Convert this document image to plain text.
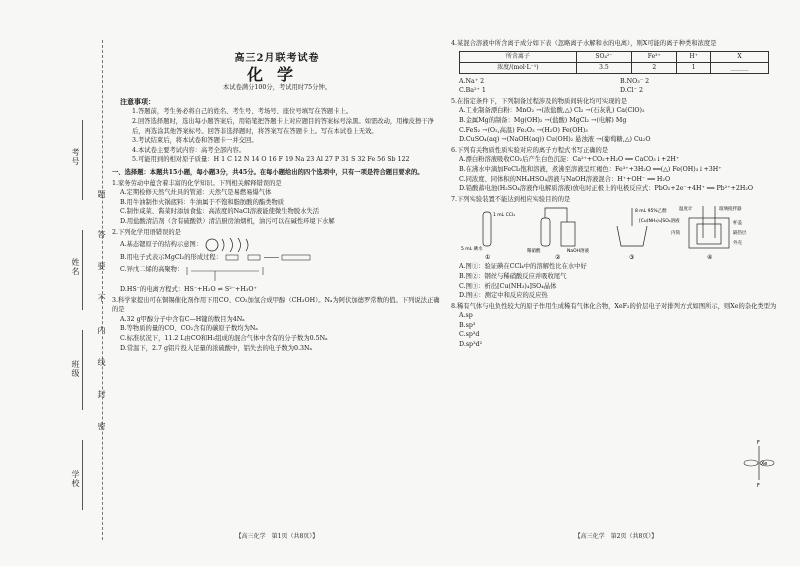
考号
姓名
班级
学校
题
答
要
不
内
线
封
密
高三2月联考试卷
化学
本试卷满分100分，考试用时75分钟。
注意事项：
1.答题前，考生务必将自己的姓名、考生号、考场号、座位号填写在答题卡上。
2.回答选择题时，选出每小题答案后，用铅笔把答题卡上对应题目的答案标号涂黑。如需改动，用橡皮擦干净后，再选涂其他答案标号。回答非选择题时，将答案写在答题卡上。写在本试卷上无效。
3.考试结束后，将本试卷和答题卡一并交回。
4.本试卷主要考试内容：高考全部内容。
5.可能用到的相对原子质量：H 1 C 12 N 14 O 16 F 19 Na 23 Al 27 P 31 S 32 Fe 56 Sb 122
一、选择题：本题共15小题，每小题3分，共45分。在每小题给出的四个选项中，只有一项是符合题目要求的。
1.家务劳动中蕴含着丰富的化学知识。下列相关解释错误的是
A.定期检修天然气灶具的管道：天然气是易燃易爆气体
B.用牛油制作火锅底料：牛油属于不饱和脂肪酸的酯类物质
C.制作咸菜、酱菜时添加食盐：高浓度的NaCl溶液能使微生物脱水失活
D.用盐酸清洁剂（含有硫酸铁）清洁厨房油烟机，油污可以在碱性环境下水解
2.下列化学用语错误的是
A.基态锶原子的结构示意图：
B.用电子式表示MgCl₂的形成过程：
C.异戊二烯的高聚物：
D.HS⁻的电离方程式：HS⁻+H₂O ⇌ S²⁻+H₃O⁺
3.科学家提出可在铜锡催化剂作用下用CO、CO₂加氢合成甲醇（CH₃OH）。Nₐ为阿伏加德罗常数的值。下列说法正确的是
A.32 g甲醇分子中含有C—H键的数目为4Nₐ
B.等物质的量的CO、CO₂含有的碳原子数均为Nₐ
C.标准状况下，11.2 L由CO和H₂组成的混合气体中含有的分子数为0.5Nₐ
D.常温下，2.7 g铝片投入足量的浓硫酸中，铝失去的电子数为0.3Nₐ
【高三化学　第1页（共8页）】
4.某混合溶液中所含离子成分如下表（忽略离子水解和水的电离），则X可能的离子种类和浓度是
所含离子	SO₄²⁻	Fe³⁺	H⁺	X
浓度/(mol·L⁻¹)	3.5	2	1	______
A.Na⁺ 2	B.NO₃⁻ 2
C.Ba²⁺ 1	D.Cl⁻ 2
5.在指定条件下，下列制备过程涉及的物质间转化均可实现的是
A.工业制备漂白粉：MnO₂ →(浓盐酸,△) Cl₂ →(石灰乳) Ca(ClO)₂
B.金属Mg的制备：Mg(OH)₂ →(盐酸) MgCl₂ →(电解) Mg
C.FeS₂ →(O₂,高温) Fe₂O₃ →(H₂O) Fe(OH)₃
D.CuSO₄(aq) →(NaOH(aq)) Cu(OH)₂ 悬浊液 →(葡萄糖,△) Cu₂O
6.下列有关物质性质实验对应的离子方程式书写正确的是
A.漂白粉溶液吸收CO₂后产生白色沉淀：Ca²⁺+CO₂+H₂O ══ CaCO₃↓+2H⁺
B.在沸水中滴加FeCl₃饱和溶液，煮沸至溶液呈红褐色：Fe³⁺+3H₂O ══(△) Fe(OH)₃↓+3H⁺
C.同浓度、同体积的NH₄HSO₄溶液与NaOH溶液混合：H⁺+OH⁻ ══ H₂O
D.铅酸蓄电池(H₂SO₄溶液作电解质溶液)放电时正极上的电极反应式：PbO₂+2e⁻+4H⁺ ══ Pb²⁺+2H₂O
7.下列实验装置不能达到相应实验目的的是
1 mL CCl₄
5 mL 碘水
①
稀硝酸	NaOH溶液
②
8 mL 95%乙醇
[Cu(NH₃)₄]SO₄溶液
③
温度计	玻璃搅拌器
内筒
杯盖
隔热层
外壳
④
A.图①：验证碘在CCl₄中的溶解性比在水中好
B.图②：钢丝与稀硝酸反应并吸收尾气
C.图③：析出[Cu(NH₃)₄]SO₄晶体
D.图④：测定中和反应的反应热
8.稀有气体与电负性较大的原子作用生成稀有气体化合物，XeF₂的价层电子对排列方式如图所示，则Xe的杂化类型为
A.sp
B.sp³
C.sp³d
D.sp³d²
F
Xe
F
【高三化学　第2页（共8页）】
